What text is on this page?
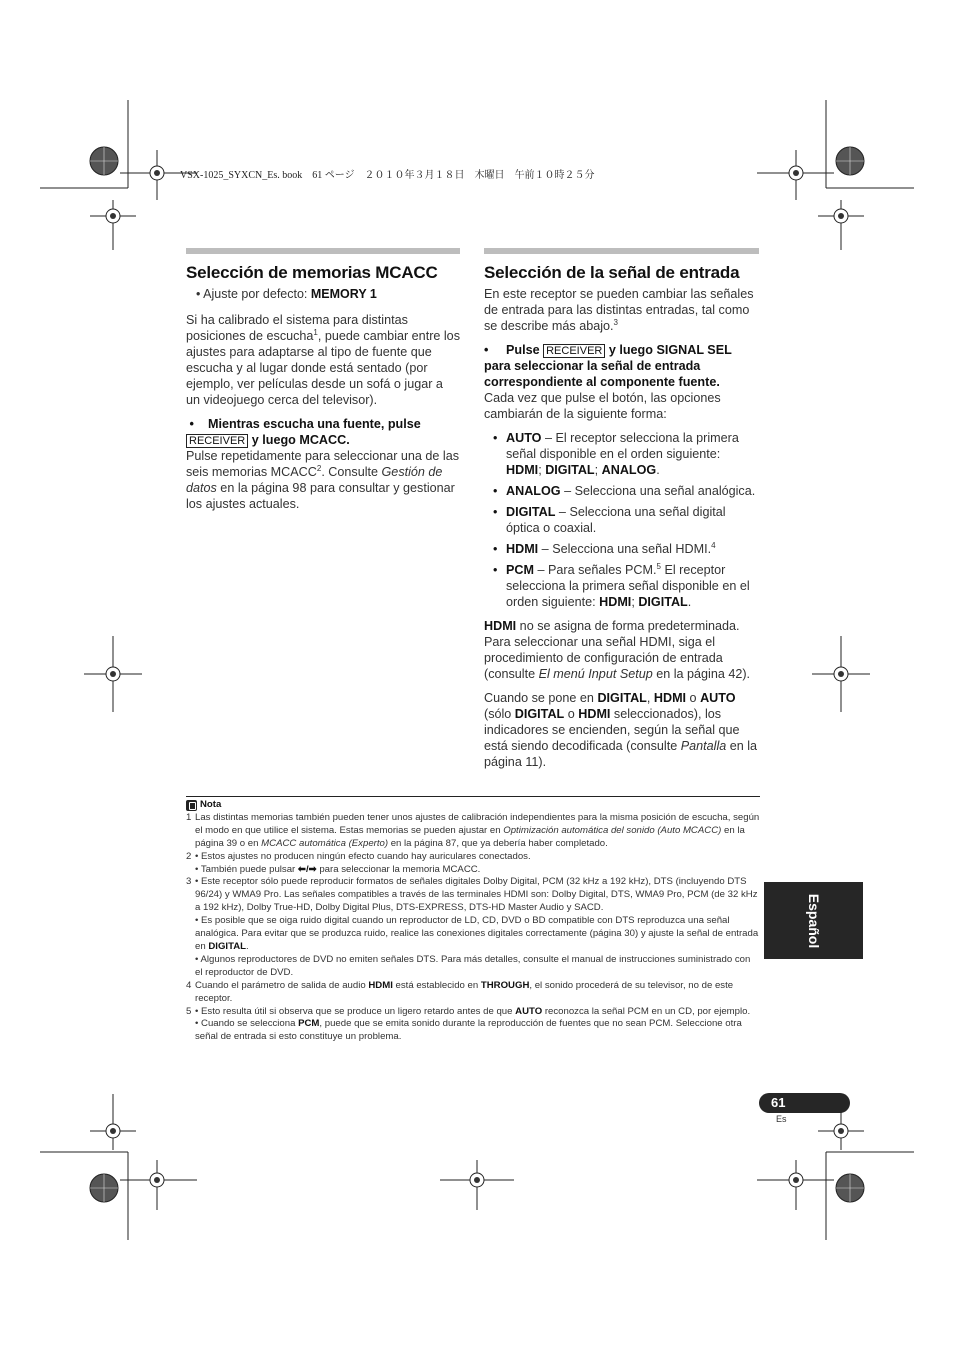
VSX-1025_SYXCN_Es. book　61 ページ　２０１０年３月１８日　木曜日　午前１０時２５分
Selección de memorias MCACC
• Ajuste por defecto: MEMORY 1

Si ha calibrado el sistema para distintas posiciones de escucha$^1$, puede cambiar entre los ajustes para adaptarse al tipo de fuente que escucha y al lugar donde está sentado (por ejemplo, ver películas desde un sofá o jugar a un videojuego cerca del televisor).

• Mientras escucha una fuente, pulse
RECEIVER y luego MCACC.

Pulse repetidamente para seleccionar una de las seis memorias MCACC$^2$. Consulte Gestión de datos en la página 98 para consultar y gestionar los ajustes actuales.

Selección de la señal de entrada

En este receptor se pueden cambiar las señales de entrada para las distintas entradas, tal como se describe más abajo.$^3$

• Pulse RECEIVER y luego SIGNAL SEL para seleccionar la señal de entrada correspondiente al componente fuente.

Cada vez que pulse el botón, las opciones cambiarán de la siguiente forma:

• AUTO – El receptor selecciona la primera señal disponible en el orden siguiente: HDMI; DIGITAL; ANALOG.
• ANALOG – Selecciona una señal analógica.
• DIGITAL – Selecciona una señal digital óptica o coaxial.
• HDMI – Selecciona una señal HDMI.$^4$
• PCM – Para señales PCM.$^5$ El receptor selecciona la primera señal disponible en el orden siguiente: HDMI; DIGITAL.

HDMI no se asigna de forma predeterminada. Para seleccionar una señal HDMI, siga el procedimiento de configuración de entrada (consulte El menú Input Setup en la página 42).

Cuando se pone en DIGITAL, HDMI o AUTO (sólo DIGITAL o HDMI seleccionados), los indicadores se encienden, según la señal que está siendo decodificada (consulte Pantalla en la página 11).

Nota
1 Las distintas memorias también pueden tener unos ajustes de calibración independientes para la misma posición de escucha, según el modo en que utilice el sistema. Estas memorias se pueden ajustar en Optimización automática del sonido (Auto MCACC) en la página 39 o en MCACC automática (Experto) en la página 87, que ya debería haber completado.
2 • Estos ajustes no producen ningún efecto cuando hay auriculares conectados.
• También puede pulsar ⬅/➡ para seleccionar la memoria MCACC.
3 • Este receptor sólo puede reproducir formatos de señales digitales Dolby Digital, PCM (32 kHz a 192 kHz), DTS (incluyendo DTS 96/24) y WMA9 Pro. Las señales compatibles a través de las terminales HDMI son: Dolby Digital, DTS, WMA9 Pro, PCM (de 32 kHz a 192 kHz), Dolby True-HD, Dolby Digital Plus, DTS-EXPRESS, DTS-HD Master Audio y SACD.
• Es posible que se oiga ruido digital cuando un reproductor de LD, CD, DVD o BD compatible con DTS reproduzca una señal analógica. Para evitar que se produzca ruido, realice las conexiones digitales correctamente (página 30) y ajuste la señal de entrada en DIGITAL.
• Algunos reproductores de DVD no emiten señales DTS. Para más detalles, consulte el manual de instrucciones suministrado con el reproductor de DVD.
4 Cuando el parámetro de salida de audio HDMI está establecido en THROUGH, el sonido procederá de su televisor, no de este receptor.
5 • Esto resulta útil si observa que se produce un ligero retardo antes de que AUTO reconozca la señal PCM en un CD, por ejemplo.
• Cuando se selecciona PCM, puede que se emita sonido durante la reproducción de fuentes que no sean PCM. Seleccione otra señal de entrada si esto constituye un problema.
Español
61
Es
